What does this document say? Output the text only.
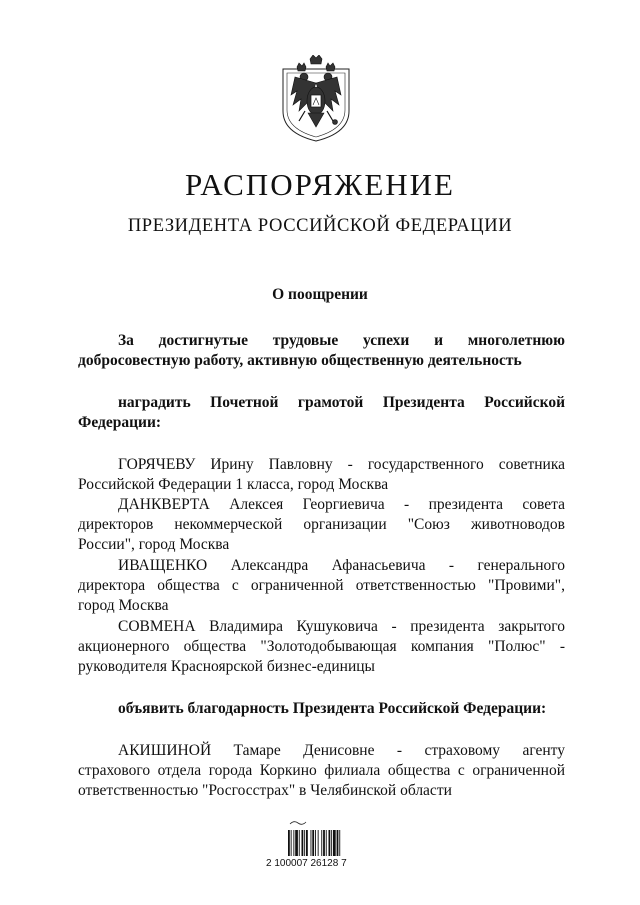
РАСПОРЯЖЕНИЕ
ПРЕЗИДЕНТА РОССИЙСКОЙ ФЕДЕРАЦИИ
О поощрении
За достигнутые трудовые успехи и многолетнюю
добросовестную работу, активную общественную деятельность
наградить Почетной грамотой Президента Российской
Федерации:
ГОРЯЧЕВУ Ирину Павловну - государственного советника
Российской Федерации 1 класса, город Москва
ДАНКВЕРТА Алексея Георгиевича - президента совета
директоров некоммерческой организации "Союз животноводов
России", город Москва
ИВАЩЕНКО Александра Афанасьевича - генерального
директора общества с ограниченной ответственностью "Провими",
город Москва
СОВМЕНА Владимира Кушуковича - президента закрытого
акционерного общества "Золотодобывающая компания "Полюс" -
руководителя Красноярской бизнес-единицы
объявить благодарность Президента Российской Федерации:
АКИШИНОЙ Тамаре Денисовне - страховому агенту
страхового отдела города Коркино филиала общества с ограниченной
ответственностью "Росгосстрах" в Челябинской области
2 100007 26128 7
